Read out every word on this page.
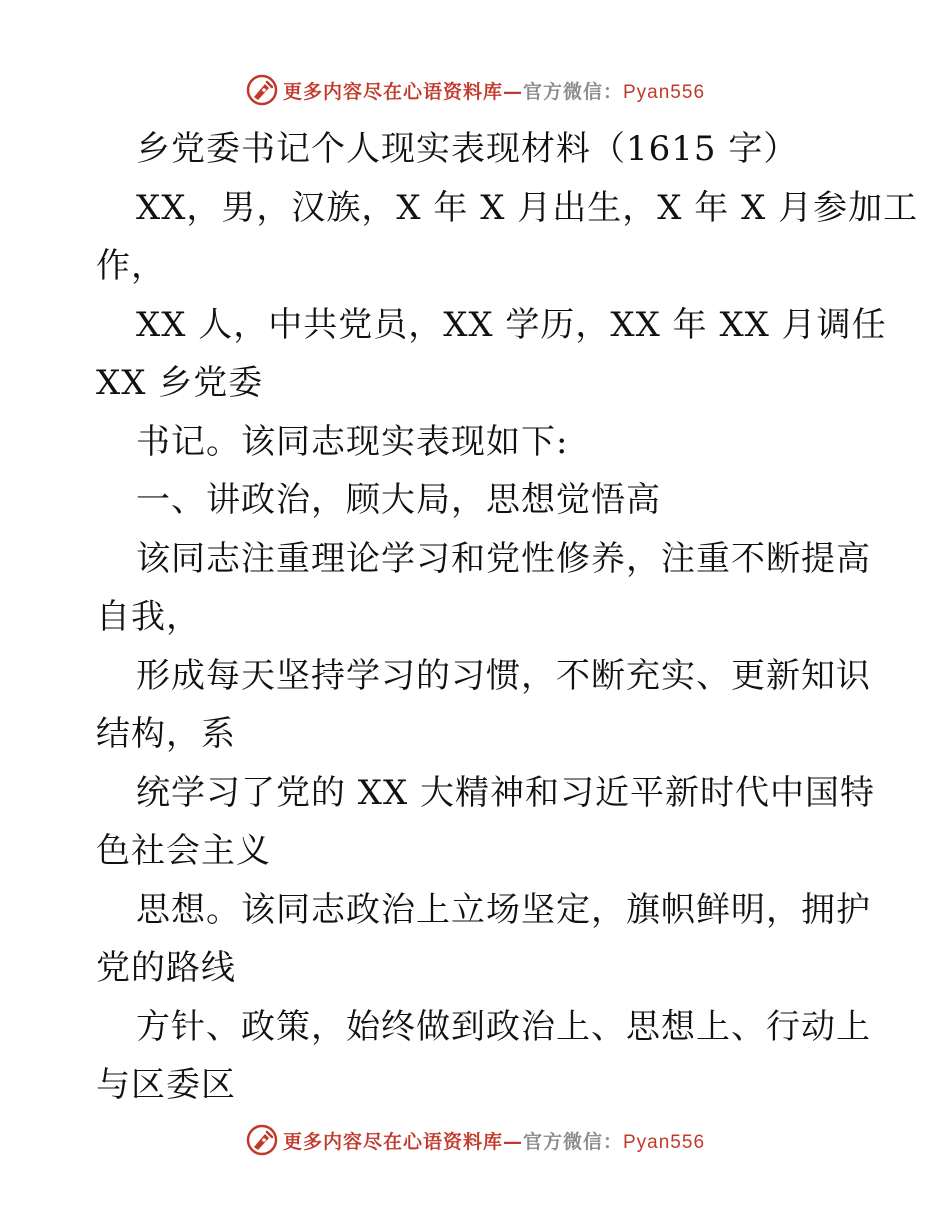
更多内容尽在心语资料库—官方微信：Pyan556
乡党委书记个人现实表现材料（1615 字）
XX，男，汉族，X 年 X 月出生，X 年 X 月参加工
作，
XX 人，中共党员，XX 学历，XX 年 XX 月调任
XX 乡党委
书记。该同志现实表现如下:
一、讲政治，顾大局，思想觉悟高
该同志注重理论学习和党性修养，注重不断提高
自我，
形成每天坚持学习的习惯，不断充实、更新知识
结构，系
统学习了党的 XX 大精神和习近平新时代中国特
色社会主义
思想。该同志政治上立场坚定，旗帜鲜明，拥护
党的路线
方针、政策，始终做到政治上、思想上、行动上
与区委区
更多内容尽在心语资料库—官方微信：Pyan556
